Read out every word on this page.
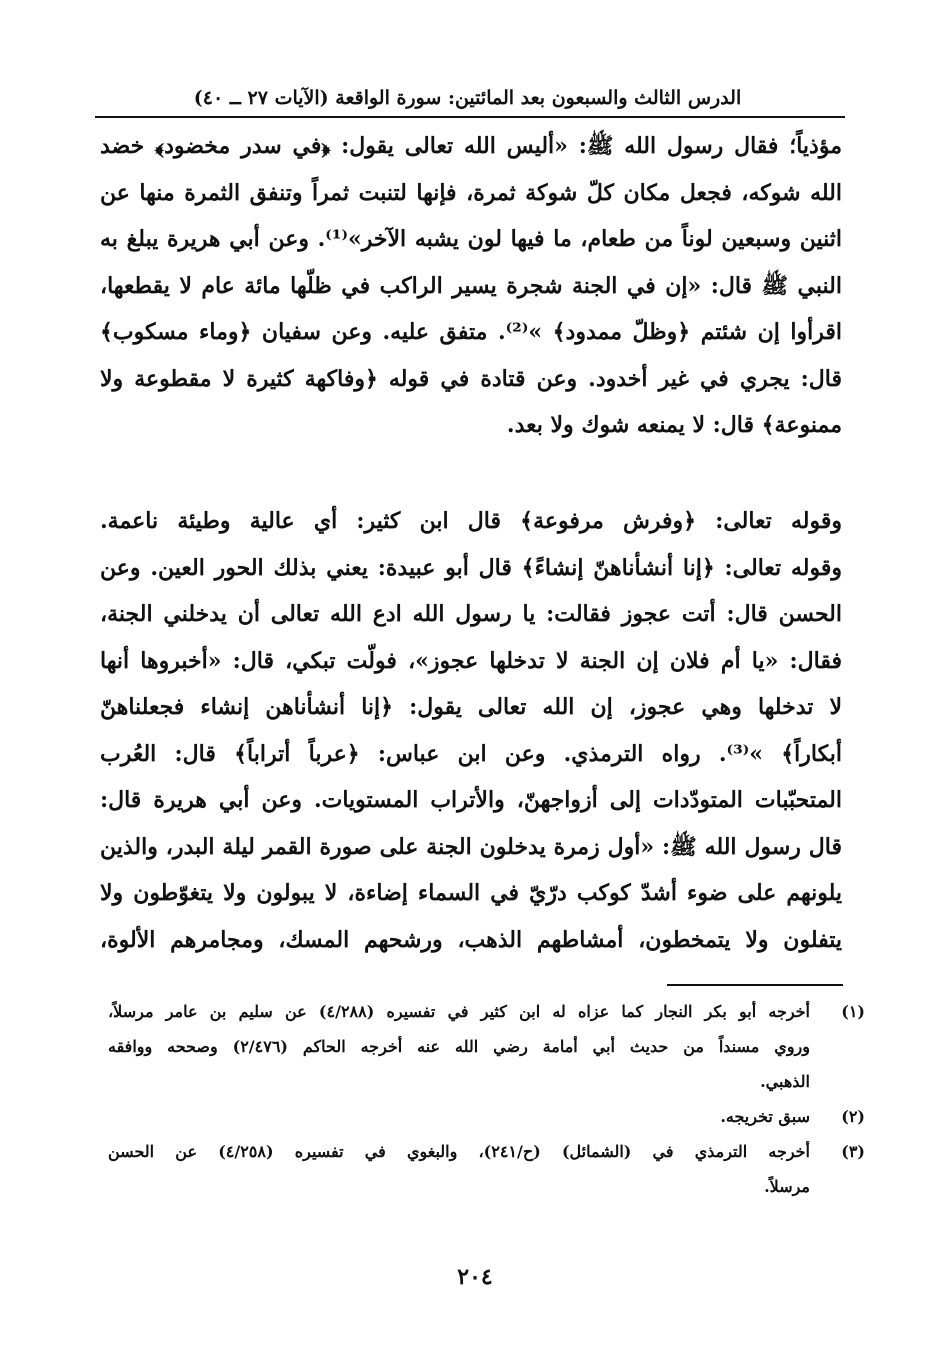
الدرس الثالث والسبعون بعد المائتين: سورة الواقعة (الآيات ٢٧ ــ ٤٠)
مؤذياً؛ فقال رسول الله ﷺ: «أليس الله تعالى يقول: ﴿في سدر مخضود﴾ خضد
الله شوكه، فجعل مكان كلّ شوكة ثمرة، فإنها لتنبت ثمراً وتنفق الثمرة منها عن
اثنين وسبعين لوناً من طعام، ما فيها لون يشبه الآخر»⁽¹⁾. وعن أبي هريرة يبلغ به
النبي ﷺ قال: «إن في الجنة شجرة يسير الراكب في ظلّها مائة عام لا يقطعها،
اقرأوا إن شئتم ﴿وظلّ ممدود﴾ »⁽²⁾. متفق عليه. وعن سفيان ﴿وماء مسكوب﴾
قال: يجري في غير أخدود. وعن قتادة في قوله ﴿وفاكهة كثيرة لا مقطوعة ولا
ممنوعة﴾ قال: لا يمنعه شوك ولا بعد.
وقوله تعالى: ﴿وفرش مرفوعة﴾ قال ابن كثير: أي عالية وطيئة ناعمة.
وقوله تعالى: ﴿إنا أنشأناهنّ إنشاءً﴾ قال أبو عبيدة: يعني بذلك الحور العين. وعن
الحسن قال: أتت عجوز فقالت: يا رسول الله ادع الله تعالى أن يدخلني الجنة،
فقال: «يا أم فلان إن الجنة لا تدخلها عجوز»، فولّت تبكي، قال: «أخبروها أنها
لا تدخلها وهي عجوز، إن الله تعالى يقول: ﴿إنا أنشأناهن إنشاء فجعلناهنّ
أبكاراً﴾ »⁽³⁾. رواه الترمذي. وعن ابن عباس: ﴿عرباً أتراباً﴾ قال: العُرب
المتحبّبات المتودّدات إلى أزواجهنّ، والأتراب المستويات. وعن أبي هريرة قال:
قال رسول الله ﷺ: «أول زمرة يدخلون الجنة على صورة القمر ليلة البدر، والذين
يلونهم على ضوء أشدّ كوكب درّيّ في السماء إضاءة، لا يبولون ولا يتغوّطون ولا
يتفلون ولا يتمخطون، أمشاطهم الذهب، ورشحهم المسك، ومجامرهم الألوة،
(١)
أخرجه أبو بكر النجار كما عزاه له ابن كثير في تفسيره (٤/٢٨٨) عن سليم بن عامر مرسلاً،
وروي مسنداً من حديث أبي أمامة رضي الله عنه أخرجه الحاكم (٢/٤٧٦) وصححه ووافقه
الذهبي.
(٢)
سبق تخريجه.
(٣)
أخرجه الترمذي في (الشمائل) (ح/٢٤١)، والبغوي في تفسيره (٤/٢٥٨) عن الحسن
مرسلاً.
٢٠٤
